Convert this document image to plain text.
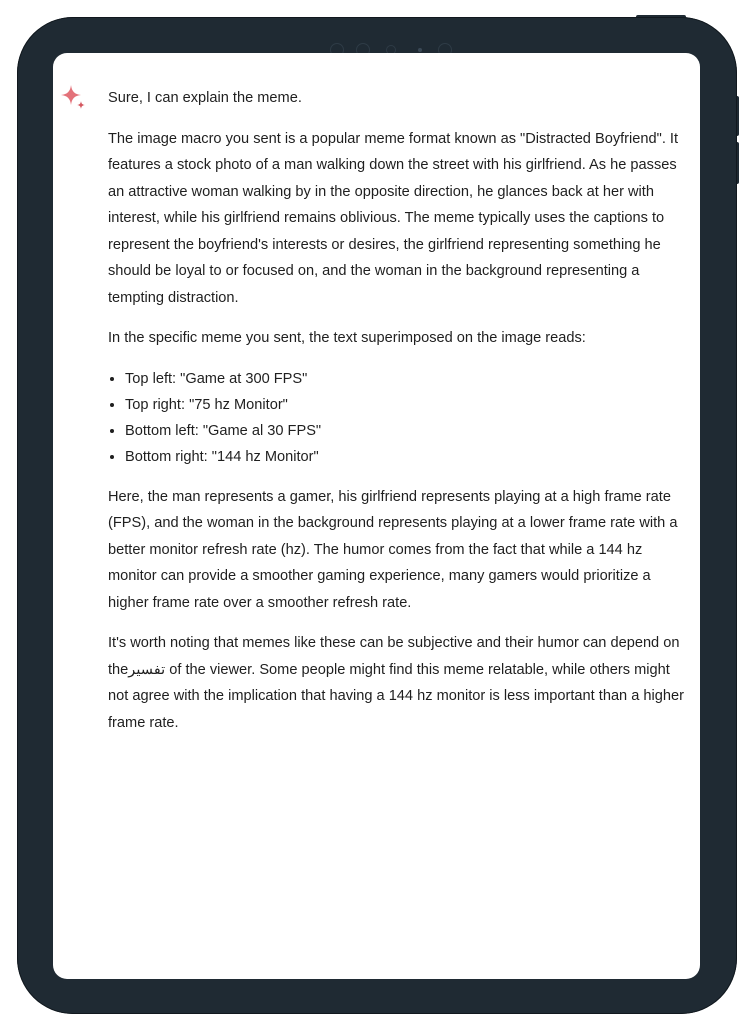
Sure, I can explain the meme.

The image macro you sent is a popular meme format known as "Distracted Boyfriend". It features a stock photo of a man walking down the street with his girlfriend. As he passes an attractive woman walking by in the opposite direction, he glances back at her with interest, while his girlfriend remains oblivious. The meme typically uses the captions to represent the boyfriend's interests or desires, the girlfriend representing something he should be loyal to or focused on, and the woman in the background representing a tempting distraction.

In the specific meme you sent, the text superimposed on the image reads:

• Top left: "Game at 300 FPS"
• Top right: "75 hz Monitor"
• Bottom left: "Game al 30 FPS"
• Bottom right: "144 hz Monitor"

Here, the man represents a gamer, his girlfriend represents playing at a high frame rate (FPS), and the woman in the background represents playing at a lower frame rate with a better monitor refresh rate (hz). The humor comes from the fact that while a 144 hz monitor can provide a smoother gaming experience, many gamers would prioritize a higher frame rate over a smoother refresh rate.

It's worth noting that memes like these can be subjective and their humor can depend on theتفسير of the viewer. Some people might find this meme relatable, while others might not agree with the implication that having a 144 hz monitor is less important than a higher frame rate.
